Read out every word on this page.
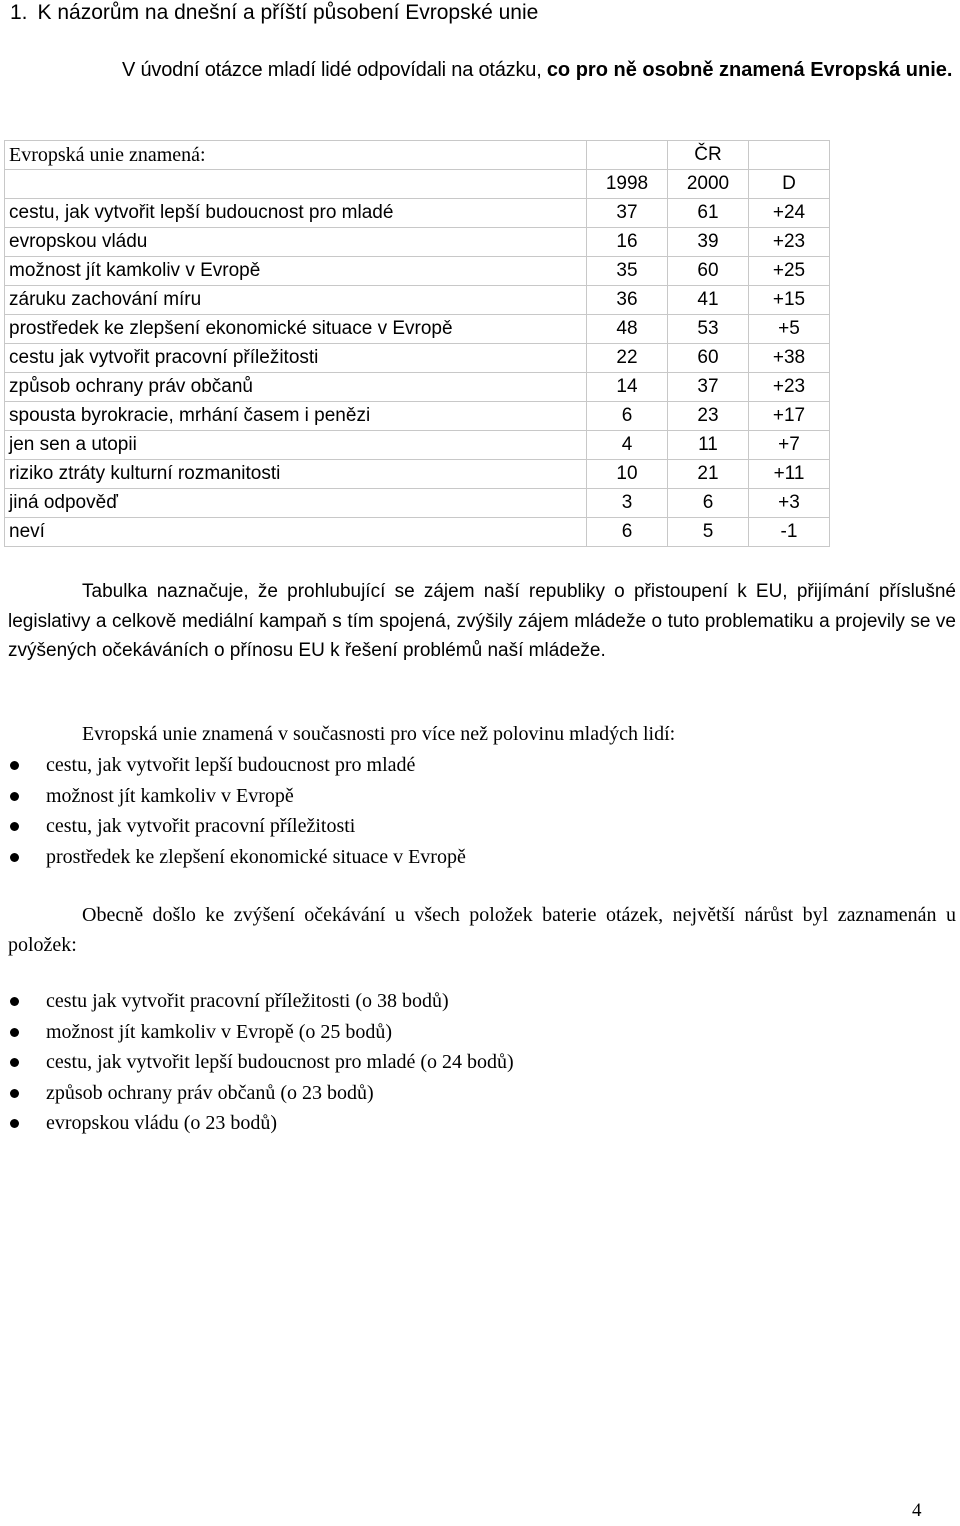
1. K názorům na dnešní a příští působení Evropské unie
V úvodní otázce mladí lidé odpovídali na otázku, co pro ně osobně znamená Evropská unie.
Evropská unie znamená:		ČR	
	1998	2000	D
cestu, jak vytvořit lepší budoucnost pro mladé	37	61	+24
evropskou vládu	16	39	+23
možnost jít kamkoliv v Evropě	35	60	+25
záruku zachování míru	36	41	+15
prostředek ke zlepšení ekonomické situace v Evropě	48	53	+5
cestu jak vytvořit pracovní příležitosti	22	60	+38
způsob ochrany práv občanů	14	37	+23
spousta byrokracie, mrhání časem i penězi	6	23	+17
jen sen a utopii	4	11	+7
riziko ztráty kulturní rozmanitosti	10	21	+11
jiná odpověď	3	6	+3
neví	6	5	-1
Tabulka naznačuje, že prohlubující se zájem naší republiky o přistoupení k EU, přijímání příslušné legislativy a celkově mediální kampaň s tím spojená, zvýšily zájem mládeže o tuto problematiku a projevily se ve zvýšených očekáváních o přínosu EU k řešení problémů naší mládeže.
Evropská unie znamená v současnosti pro více než polovinu mladých lidí:
cestu, jak vytvořit lepší budoucnost pro mladé
možnost jít kamkoliv v Evropě
cestu, jak vytvořit pracovní příležitosti
prostředek ke zlepšení ekonomické situace v Evropě
Obecně došlo ke zvýšení očekávání u všech položek baterie otázek, největší nárůst byl zaznamenán u položek:
cestu jak vytvořit pracovní příležitosti (o 38 bodů)
možnost jít kamkoliv v Evropě (o 25 bodů)
cestu, jak vytvořit lepší budoucnost pro mladé (o 24 bodů)
způsob ochrany práv občanů (o 23 bodů)
evropskou vládu (o 23 bodů)
4
